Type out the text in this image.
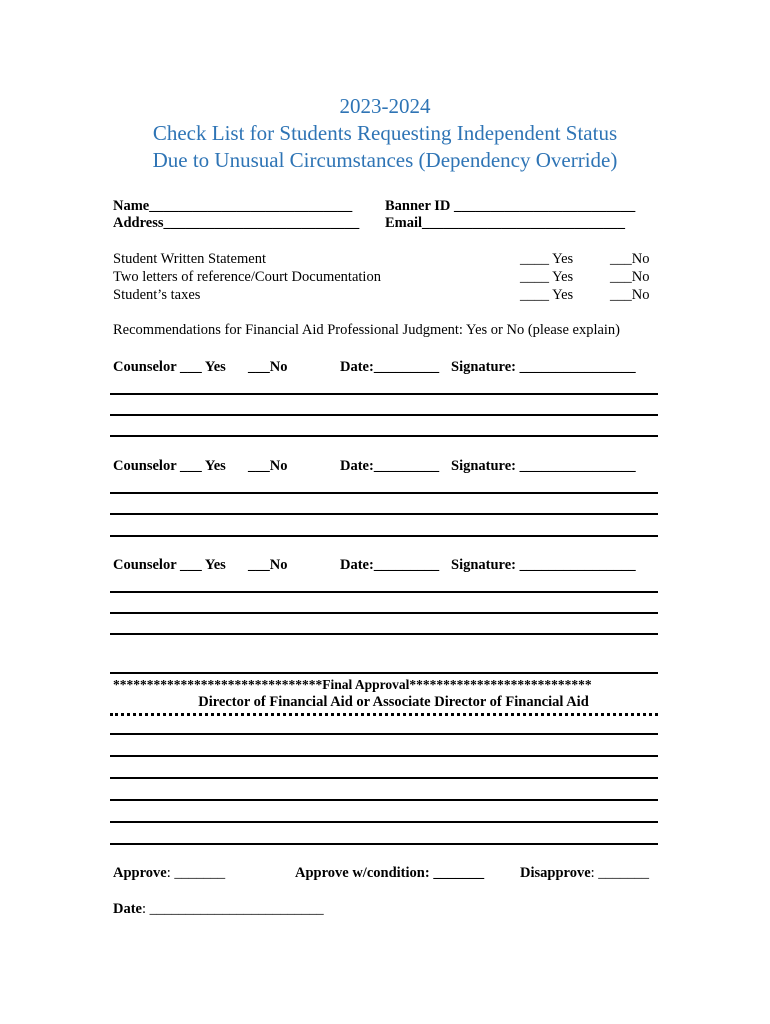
2023-2024
Check List for Students Requesting Independent Status
Due to Unusual Circumstances (Dependency Override)
Name____________________________ Banner ID _________________________
Address___________________________ Email____________________________
Student Written Statement	____ Yes	___No
Two letters of reference/Court Documentation	____ Yes	___No
Student’s taxes	____ Yes	___No
Recommendations for Financial Aid Professional Judgment: Yes or No (please explain)
Counselor ___ Yes ___No	Date:_________ Signature: ________________
Counselor ___ Yes ___No	Date:_________ Signature: ________________
Counselor ___ Yes ___No	Date:_________ Signature: ________________
*******************************Final Approval***************************
Director of Financial Aid or Associate Director of Financial Aid
Approve: _______	Approve w/condition: _______ Disapprove: _______
Date: ________________________
